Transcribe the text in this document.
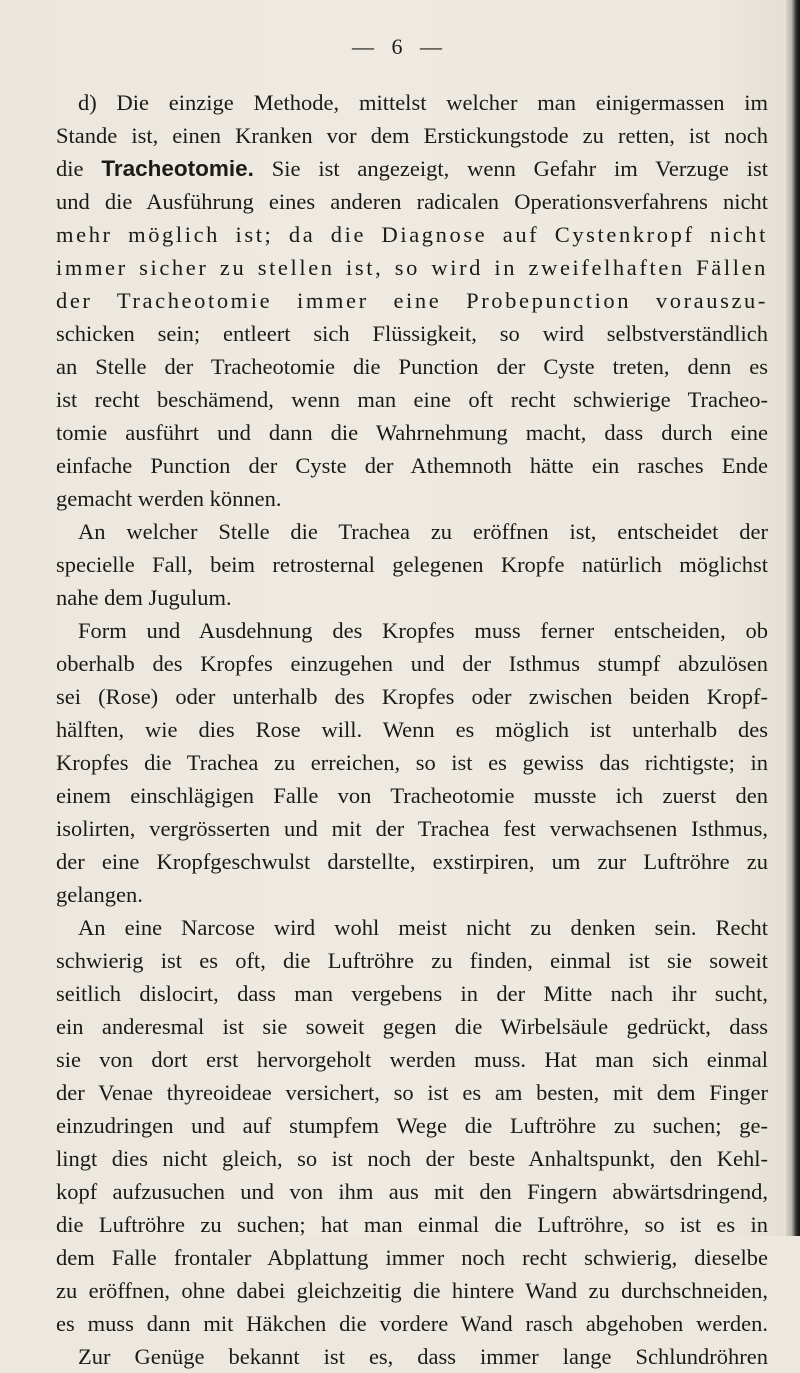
— 6 —
d) Die einzige Methode, mittelst welcher man einigermassen im
Stande ist, einen Kranken vor dem Erstickungstode zu retten, ist noch
die Tracheotomie. Sie ist angezeigt, wenn Gefahr im Verzuge ist
und die Ausführung eines anderen radicalen Operationsverfahrens nicht
mehr möglich ist; da die Diagnose auf Cystenkropf nicht
immer sicher zu stellen ist, so wird in zweifelhaften Fällen
der Tracheotomie immer eine Probepunction vorauszu-
schicken sein; entleert sich Flüssigkeit, so wird selbstverständlich
an Stelle der Tracheotomie die Punction der Cyste treten, denn es
ist recht beschämend, wenn man eine oft recht schwierige Tracheo-
tomie ausführt und dann die Wahrnehmung macht, dass durch eine
einfache Punction der Cyste der Athemnoth hätte ein rasches Ende
gemacht werden können.
An welcher Stelle die Trachea zu eröffnen ist, entscheidet der
specielle Fall, beim retrosternal gelegenen Kropfe natürlich möglichst
nahe dem Jugulum.
Form und Ausdehnung des Kropfes muss ferner entscheiden, ob
oberhalb des Kropfes einzugehen und der Isthmus stumpf abzulösen
sei (Rose) oder unterhalb des Kropfes oder zwischen beiden Kropf-
hälften, wie dies Rose will. Wenn es möglich ist unterhalb des
Kropfes die Trachea zu erreichen, so ist es gewiss das richtigste; in
einem einschlägigen Falle von Tracheotomie musste ich zuerst den
isolirten, vergrösserten und mit der Trachea fest verwachsenen Isthmus,
der eine Kropfgeschwulst darstellte, exstirpiren, um zur Luftröhre zu
gelangen.
An eine Narcose wird wohl meist nicht zu denken sein. Recht
schwierig ist es oft, die Luftröhre zu finden, einmal ist sie soweit
seitlich dislocirt, dass man vergebens in der Mitte nach ihr sucht,
ein anderesmal ist sie soweit gegen die Wirbelsäule gedrückt, dass
sie von dort erst hervorgeholt werden muss. Hat man sich einmal
der Venae thyreoideae versichert, so ist es am besten, mit dem Finger
einzudringen und auf stumpfem Wege die Luftröhre zu suchen; ge-
lingt dies nicht gleich, so ist noch der beste Anhaltspunkt, den Kehl-
kopf aufzusuchen und von ihm aus mit den Fingern abwärtsdringend,
die Luftröhre zu suchen; hat man einmal die Luftröhre, so ist es in
dem Falle frontaler Abplattung immer noch recht schwierig, dieselbe
zu eröffnen, ohne dabei gleichzeitig die hintere Wand zu durchschneiden,
es muss dann mit Häkchen die vordere Wand rasch abgehoben werden.
Zur Genüge bekannt ist es, dass immer lange Schlundröhren
